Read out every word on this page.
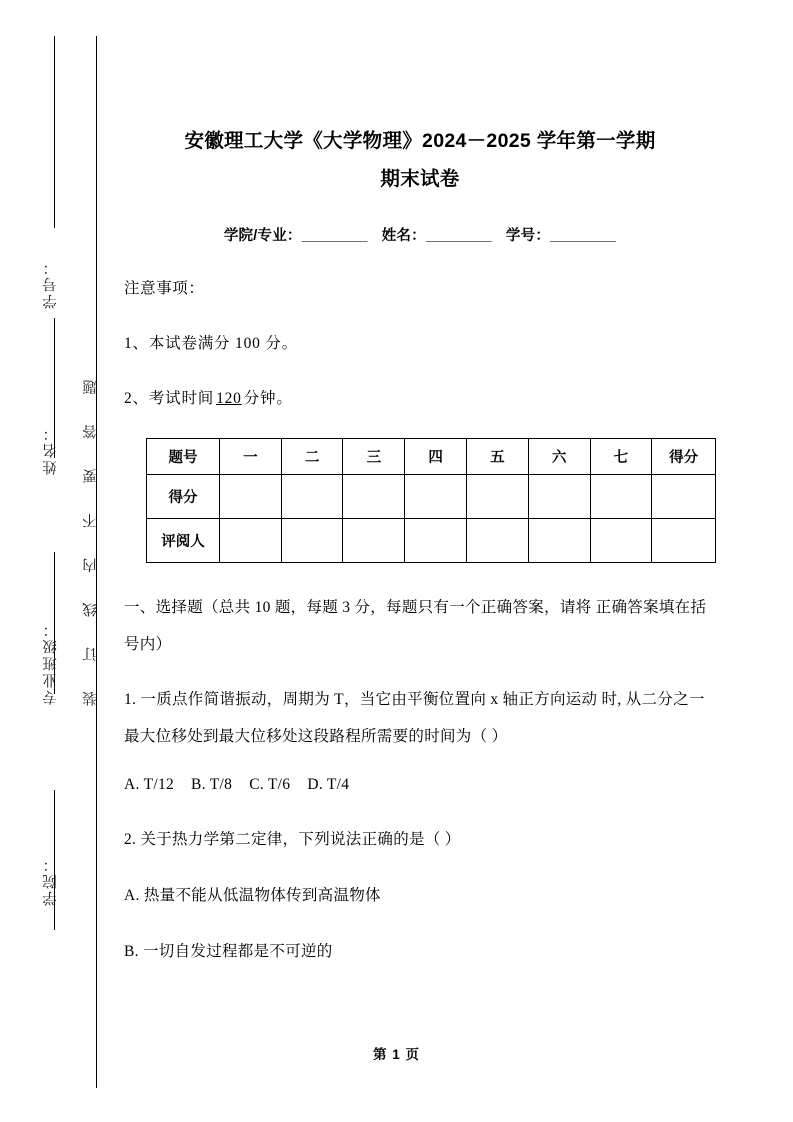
学号：
姓名：
专业班级：
学院：
装订线内不要答题
安徽理工大学《大学物理》2024－2025 学年第一学期
期末试卷
学院/专业：________ 姓名：________ 学号：________
注意事项：
1、本试卷满分 100 分。
2、考试时间 120 分钟。
题号	一	二	三	四	五	六	七	得分
得分								
评阅人								
一、选择题（总共 10 题，每题 3 分，每题只有一个正确答案，请将 正确答案填在括号内）
1. 一质点作简谐振动，周期为 T，当它由平衡位置向 x 轴正方向运动 时, 从二分之一最大位移处到最大位移处这段路程所需要的时间为（ ）
A. T/12 B. T/8 C. T/6 D. T/4
2. 关于热力学第二定律，下列说法正确的是（ ）
A. 热量不能从低温物体传到高温物体
B. 一切自发过程都是不可逆的
第 1 页
